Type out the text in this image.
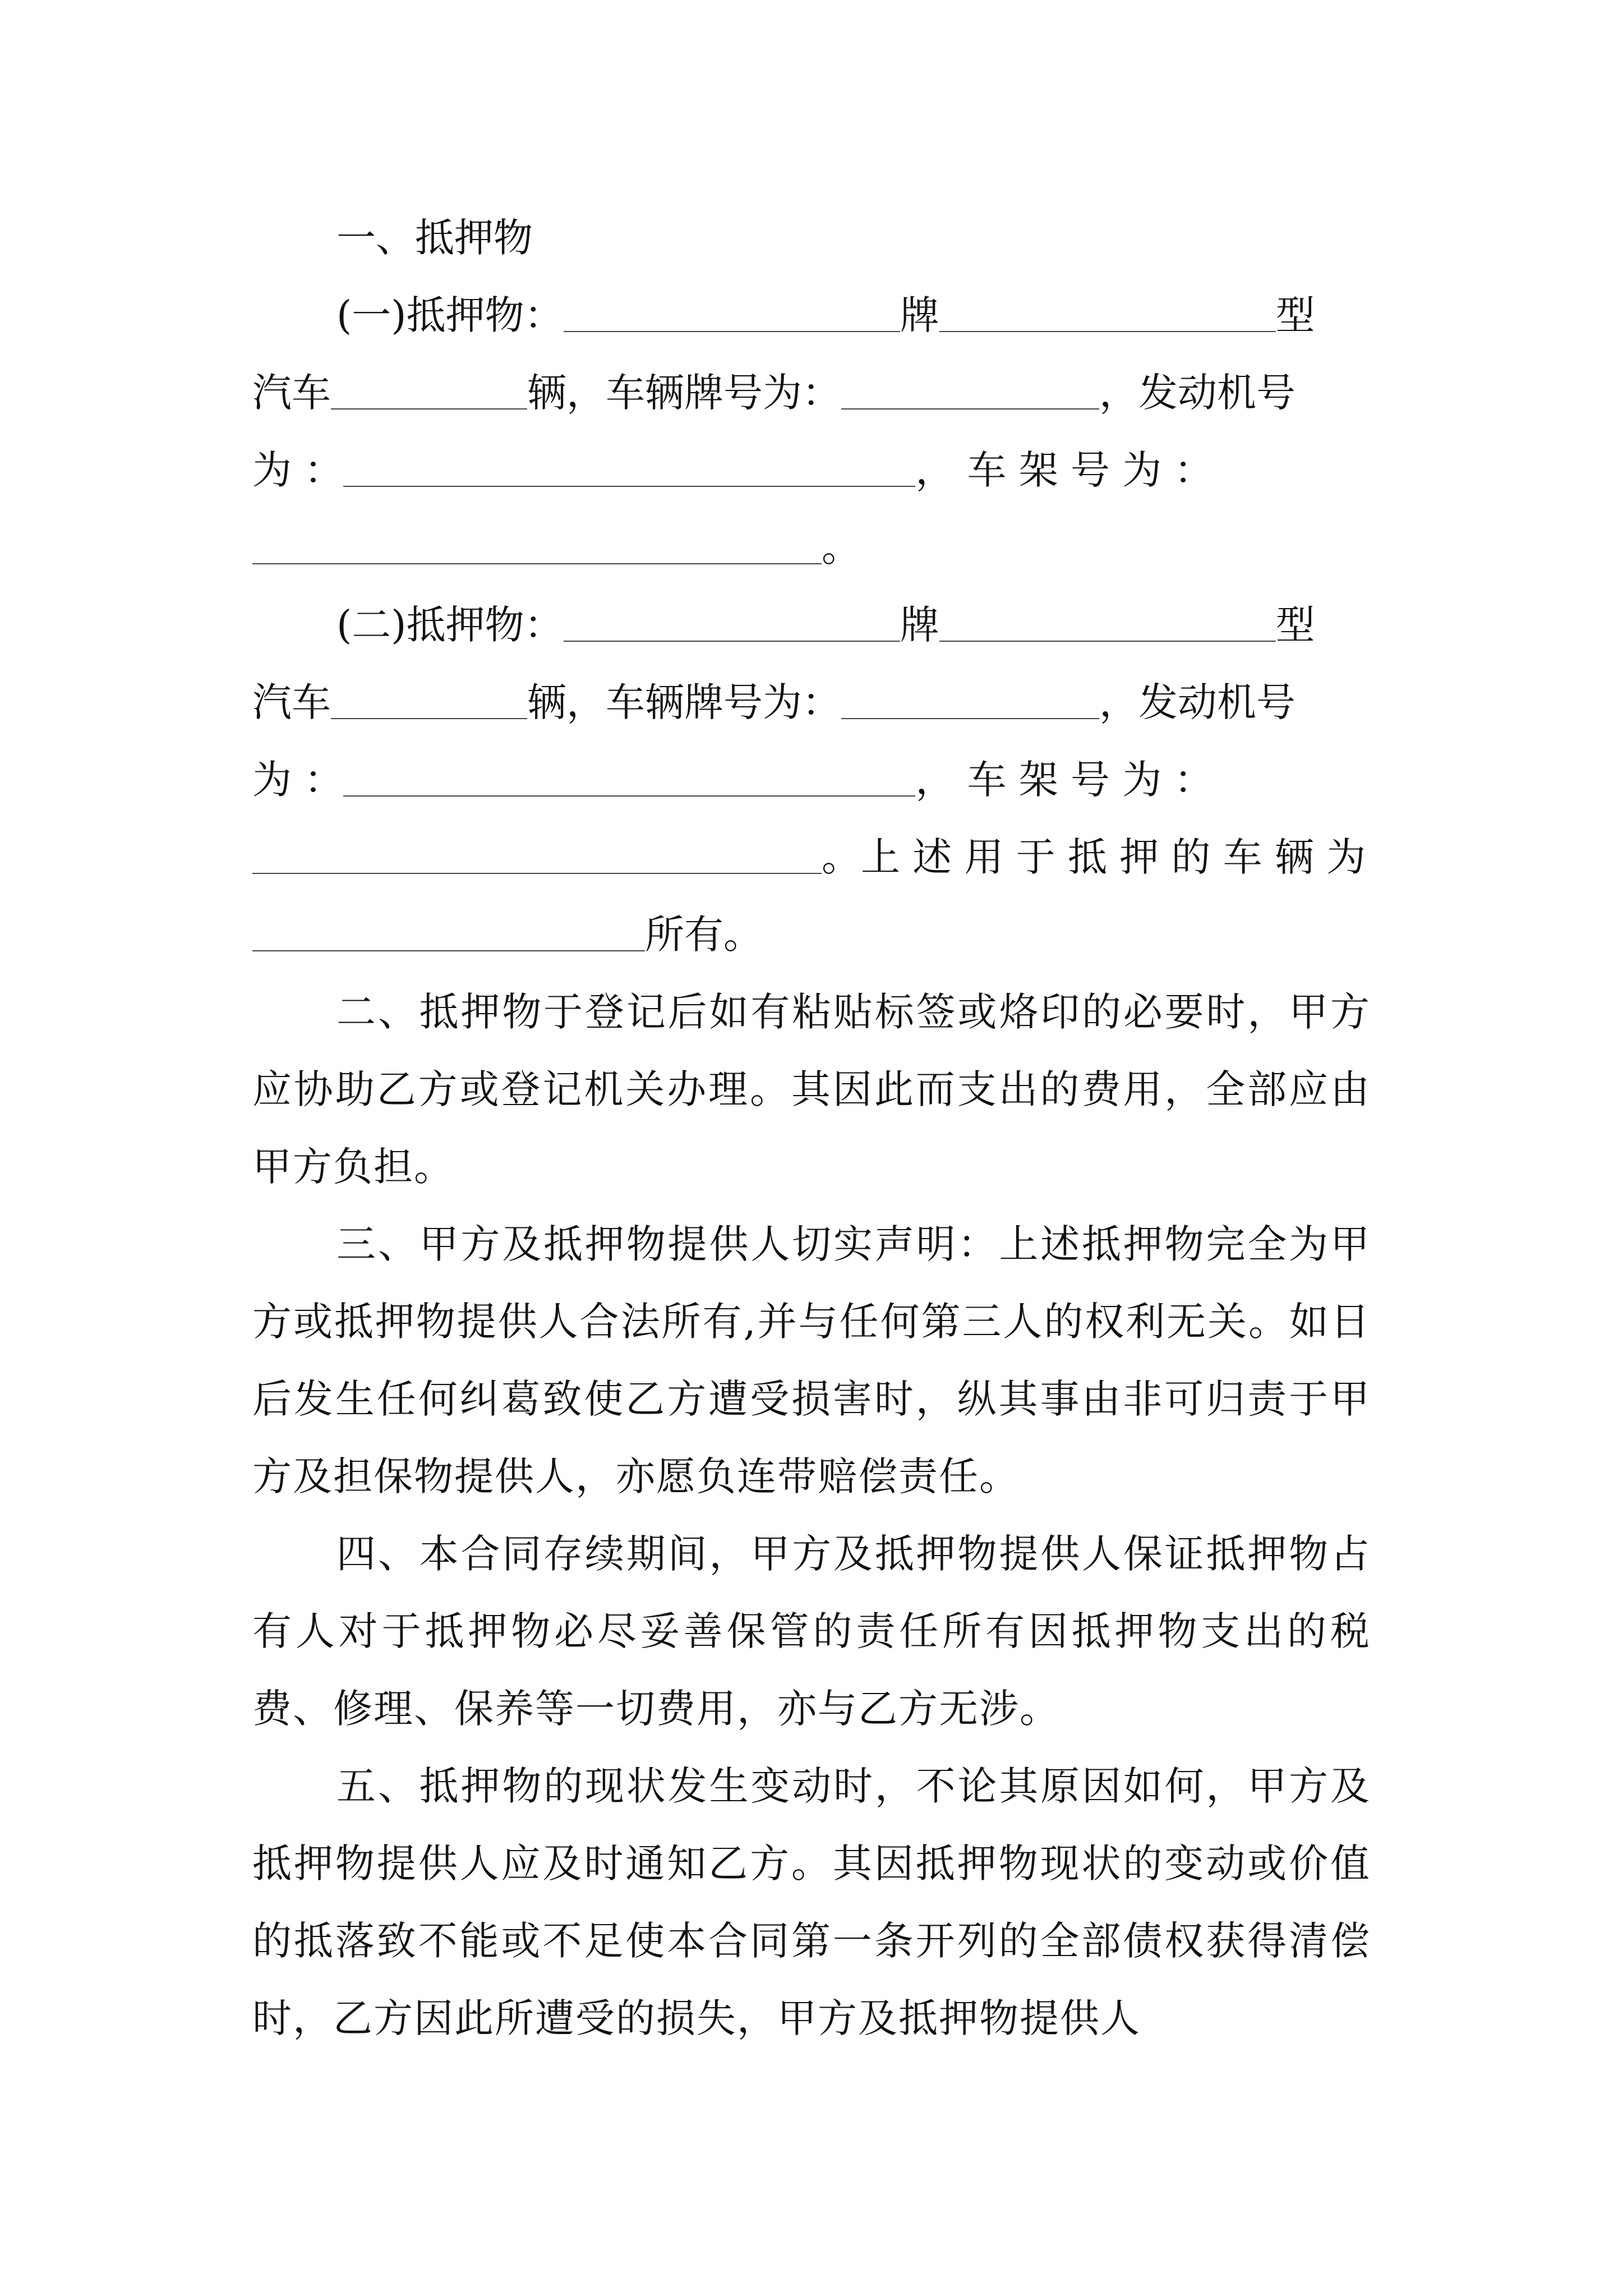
一、抵押物

(一)抵押物：	牌	型
汽车	辆，车辆牌号为：	，发动机号
为 ：	， 车 架 号 为 ：
。
(二)抵押物：	牌	型
汽车	辆，车辆牌号为：	，发动机号
为 ：	， 车 架 号 为 ：
。上 述 用 于 抵 押 的 车 辆 为
所有。

二、抵押物于登记后如有粘贴标签或烙印的必要时，甲方应协助乙方或登记机关办理。其因此而支出的费用，全部应由甲方负担。

三、甲方及抵押物提供人切实声明：上述抵押物完全为甲方或抵押物提供人合法所有,并与任何第三人的权利无关。如日后发生任何纠葛致使乙方遭受损害时，纵其事由非可归责于甲方及担保物提供人，亦愿负连带赔偿责任。

四、本合同存续期间，甲方及抵押物提供人保证抵押物占有人对于抵押物必尽妥善保管的责任所有因抵押物支出的税费、修理、保养等一切费用，亦与乙方无涉。

五、抵押物的现状发生变动时，不论其原因如何，甲方及抵押物提供人应及时通知乙方。其因抵押物现状的变动或价值的抵落致不能或不足使本合同第一条开列的全部债权获得清偿时，乙方因此所遭受的损失，甲方及抵押物提供人
